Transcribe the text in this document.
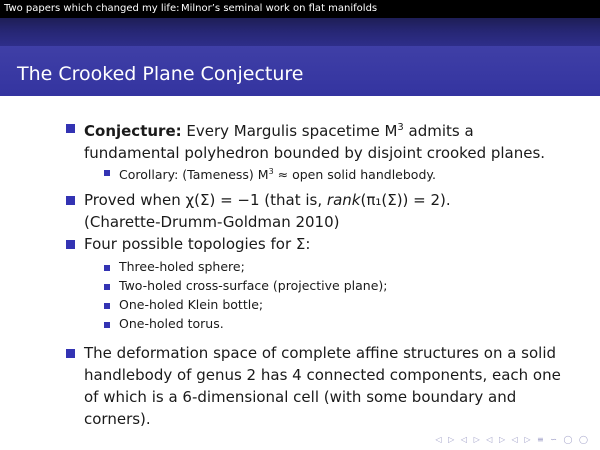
Two papers which changed my life: Milnor’s seminal work on flat manifolds
The Crooked Plane Conjecture
Conjecture: Every Margulis spacetime $M^3$ admits a
fundamental polyhedron bounded by disjoint crooked planes.
Corollary: (Tameness) $M^3$ ≈ open solid handlebody.
Proved when χ(Σ) = −1 (that is, rank(π₁(Σ)) = 2).
(Charette-Drumm-Goldman 2010)
Four possible topologies for Σ:
Three-holed sphere;
Two-holed cross-surface (projective plane);
One-holed Klein bottle;
One-holed torus.
The deformation space of complete affine structures on a solid
handlebody of genus 2 has 4 connected components, each one
of which is a 6-dimensional cell (with some boundary and
corners).
◁ ▷ ◁ ▷ ◁ ▷ ◁ ▷ ≡ ∽ ◯ ◯
